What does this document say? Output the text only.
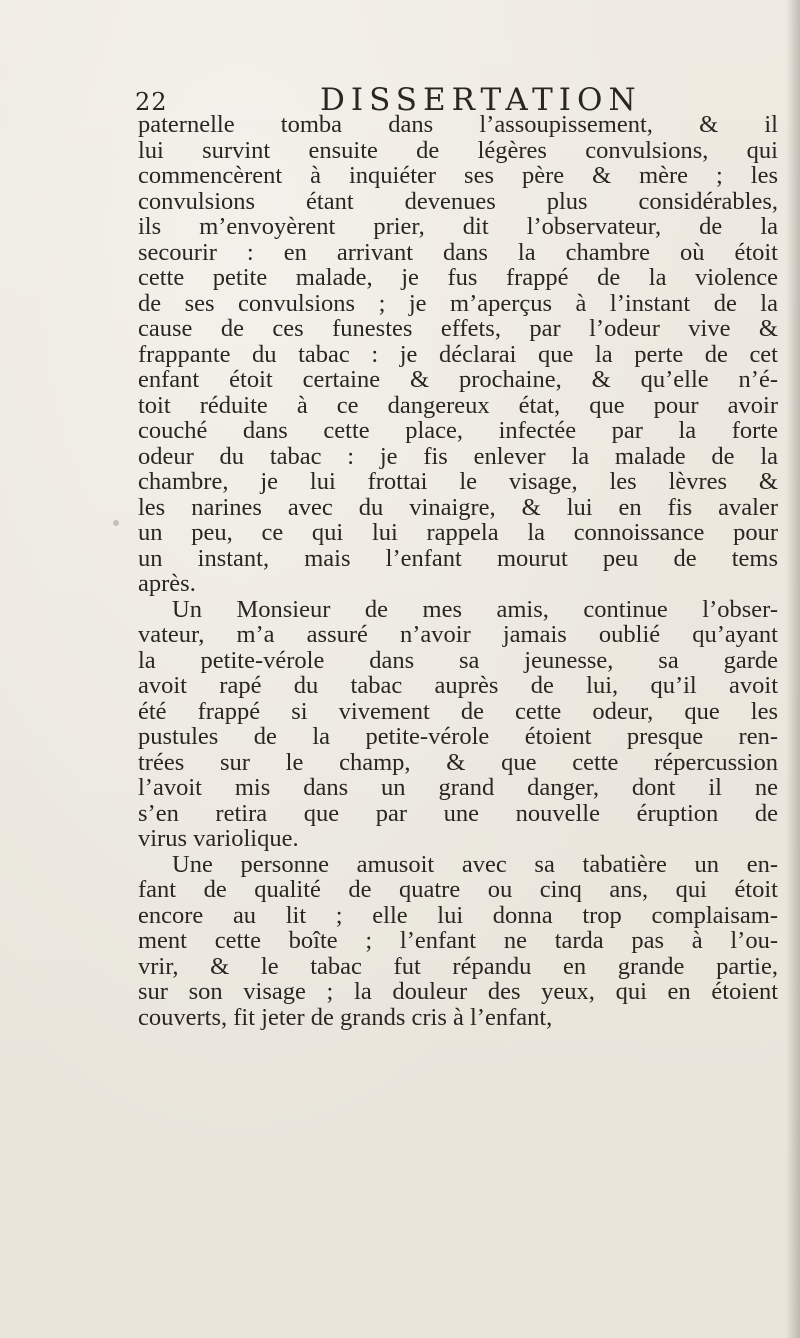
22	DISSERTATION
paternelle tomba dans l’assoupissement, & il
lui survint ensuite de légères convulsions, qui
commencèrent à inquiéter ses père & mère ; les
convulsions étant devenues plus considérables,
ils m’envoyèrent prier, dit l’observateur, de la
secourir : en arrivant dans la chambre où étoit
cette petite malade, je fus frappé de la violence
de ses convulsions ; je m’aperçus à l’instant de la
cause de ces funestes effets, par l’odeur vive &
frappante du tabac : je déclarai que la perte de cet
enfant étoit certaine & prochaine, & qu’elle n’é-
toit réduite à ce dangereux état, que pour avoir
couché dans cette place, infectée par la forte
odeur du tabac : je fis enlever la malade de la
chambre, je lui frottai le visage, les lèvres &
les narines avec du vinaigre, & lui en fis avaler
un peu, ce qui lui rappela la connoissance pour
un instant, mais l’enfant mourut peu de tems
après.
Un Monsieur de mes amis, continue l’obser-
vateur, m’a assuré n’avoir jamais oublié qu’ayant
la petite-vérole dans sa jeunesse, sa garde
avoit rapé du tabac auprès de lui, qu’il avoit
été frappé si vivement de cette odeur, que les
pustules de la petite-vérole étoient presque ren-
trées sur le champ, & que cette répercussion
l’avoit mis dans un grand danger, dont il ne
s’en retira que par une nouvelle éruption de
virus variolique.
Une personne amusoit avec sa tabatière un en-
fant de qualité de quatre ou cinq ans, qui étoit
encore au lit ; elle lui donna trop complaisam-
ment cette boîte ; l’enfant ne tarda pas à l’ou-
vrir, & le tabac fut répandu en grande partie,
sur son visage ; la douleur des yeux, qui en étoient
couverts, fit jeter de grands cris à l’enfant,
